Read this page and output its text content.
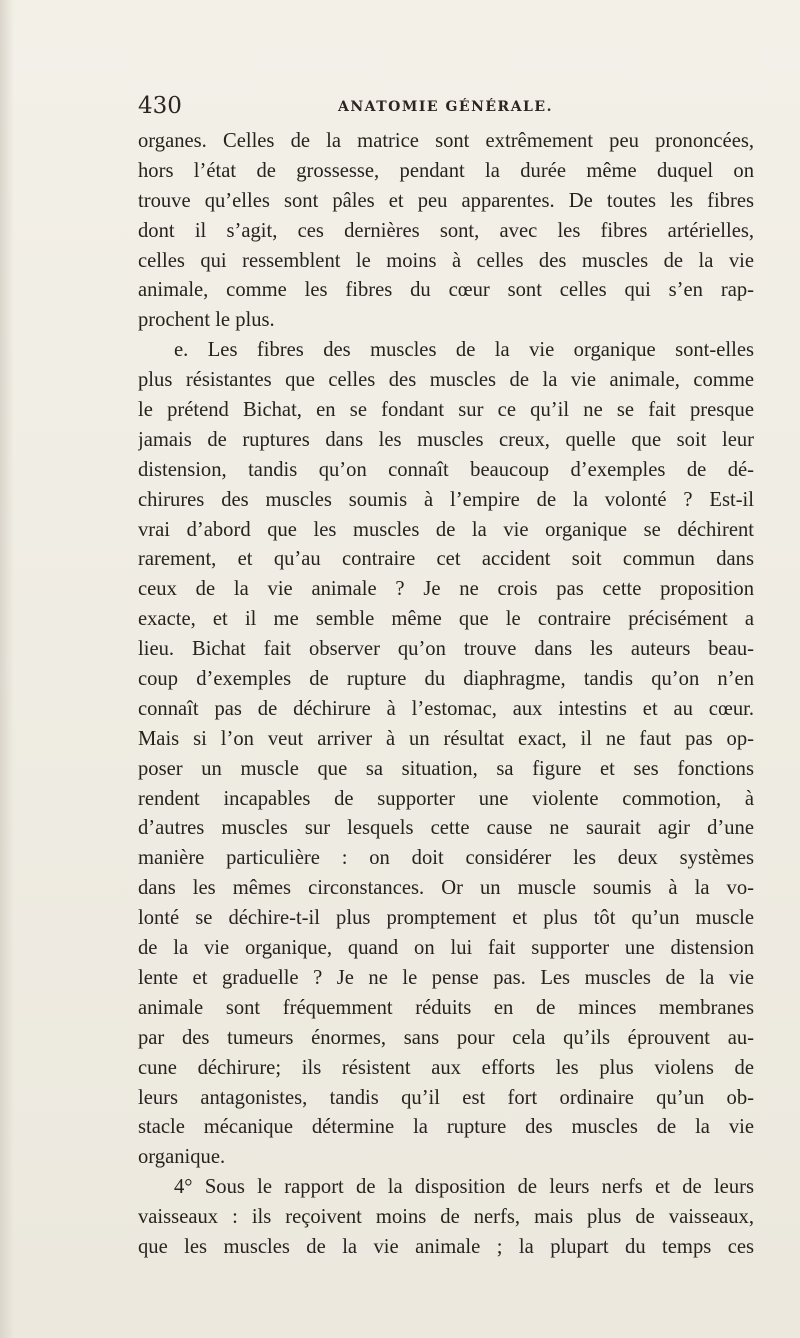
430	ANATOMIE GÉNÉRALE.
organes. Celles de la matrice sont extrêmement peu prononcées,
hors l’état de grossesse, pendant la durée même duquel on
trouve qu’elles sont pâles et peu apparentes. De toutes les fibres
dont il s’agit, ces dernières sont, avec les fibres artérielles,
celles qui ressemblent le moins à celles des muscles de la vie
animale, comme les fibres du cœur sont celles qui s’en rap-
prochent le plus.
e. Les fibres des muscles de la vie organique sont-elles
plus résistantes que celles des muscles de la vie animale, comme
le prétend Bichat, en se fondant sur ce qu’il ne se fait presque
jamais de ruptures dans les muscles creux, quelle que soit leur
distension, tandis qu’on connaît beaucoup d’exemples de dé-
chirures des muscles soumis à l’empire de la volonté ? Est-il
vrai d’abord que les muscles de la vie organique se déchirent
rarement, et qu’au contraire cet accident soit commun dans
ceux de la vie animale ? Je ne crois pas cette proposition
exacte, et il me semble même que le contraire précisément a
lieu. Bichat fait observer qu’on trouve dans les auteurs beau-
coup d’exemples de rupture du diaphragme, tandis qu’on n’en
connaît pas de déchirure à l’estomac, aux intestins et au cœur.
Mais si l’on veut arriver à un résultat exact, il ne faut pas op-
poser un muscle que sa situation, sa figure et ses fonctions
rendent incapables de supporter une violente commotion, à
d’autres muscles sur lesquels cette cause ne saurait agir d’une
manière particulière : on doit considérer les deux systèmes
dans les mêmes circonstances. Or un muscle soumis à la vo-
lonté se déchire-t-il plus promptement et plus tôt qu’un muscle
de la vie organique, quand on lui fait supporter une distension
lente et graduelle ? Je ne le pense pas. Les muscles de la vie
animale sont fréquemment réduits en de minces membranes
par des tumeurs énormes, sans pour cela qu’ils éprouvent au-
cune déchirure; ils résistent aux efforts les plus violens de
leurs antagonistes, tandis qu’il est fort ordinaire qu’un ob-
stacle mécanique détermine la rupture des muscles de la vie
organique.
4° Sous le rapport de la disposition de leurs nerfs et de leurs
vaisseaux : ils reçoivent moins de nerfs, mais plus de vaisseaux,
que les muscles de la vie animale ; la plupart du temps ces
